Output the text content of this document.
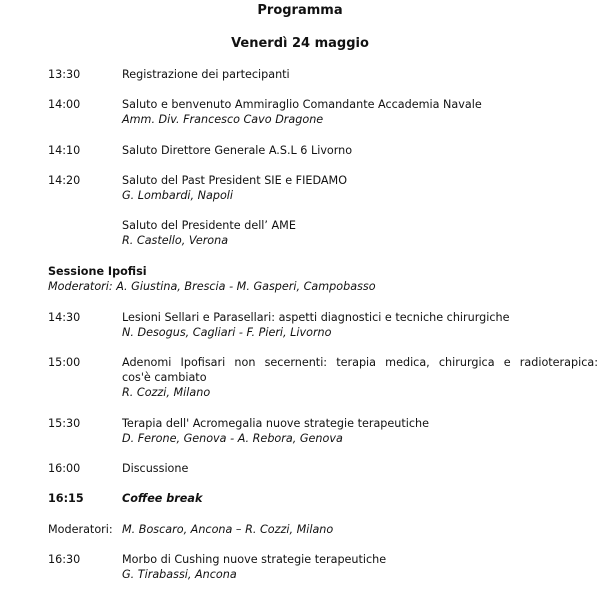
Programma
Venerdì 24 maggio
13:30	Registrazione dei partecipanti
14:00	Saluto e benvenuto Ammiraglio Comandante Accademia Navale
Amm. Div. Francesco Cavo Dragone
14:10	Saluto Direttore Generale A.S.L 6 Livorno
14:20	Saluto del Past President SIE e FIEDAMO
G. Lombardi, Napoli
Saluto del Presidente dell’ AME
R. Castello, Verona
Sessione Ipofisi
Moderatori: A. Giustina, Brescia - M. Gasperi, Campobasso
14:30	Lesioni Sellari e Parasellari: aspetti diagnostici e tecniche chirurgiche
N. Desogus, Cagliari - F. Pieri, Livorno
15:00	Adenomi Ipofisari non secernenti: terapia medica, chirurgica e radioterapica:
cos'è cambiato
R. Cozzi, Milano
15:30	Terapia dell' Acromegalia nuove strategie terapeutiche
D. Ferone, Genova - A. Rebora, Genova
16:00	Discussione
16:15	Coffee break
Moderatori: M. Boscaro, Ancona – R. Cozzi, Milano
16:30	Morbo di Cushing nuove strategie terapeutiche
G. Tirabassi, Ancona
